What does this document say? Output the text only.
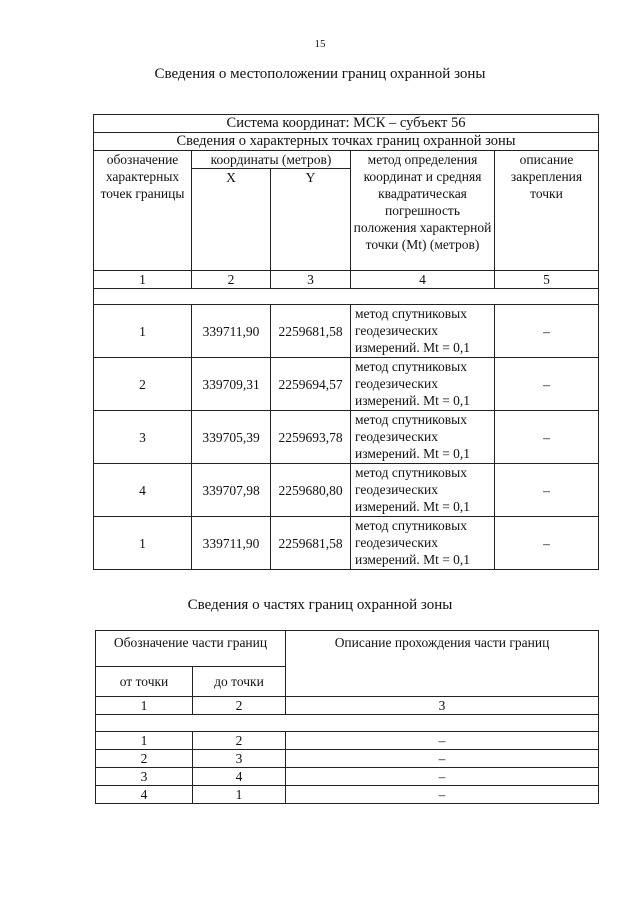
15
Сведения о местоположении границ охранной зоны
Система координат: МСК – субъект 56				
Сведения о характерных точках границ охранной зоны				
обозначение характерных точек границы	координаты (метров)		метод определения координат и средняя квадратическая погрешность положения характерной точки (Mt) (метров)	описание закрепления точки
	X	Y		
1	2	3	4	5

1	339711,90	2259681,58	метод спутниковых геодезических измерений. Mt = 0,1	–
2	339709,31	2259694,57	метод спутниковых геодезических измерений. Mt = 0,1	–
3	339705,39	2259693,78	метод спутниковых геодезических измерений. Mt = 0,1	–
4	339707,98	2259680,80	метод спутниковых геодезических измерений. Mt = 0,1	–
1	339711,90	2259681,58	метод спутниковых геодезических измерений. Mt = 0,1	–
Сведения о частях границ охранной зоны
Обозначение части границ		Описание прохождения части границ
от точки	до точки	
1	2	3

1	2	–
2	3	–
3	4	–
4	1	–
